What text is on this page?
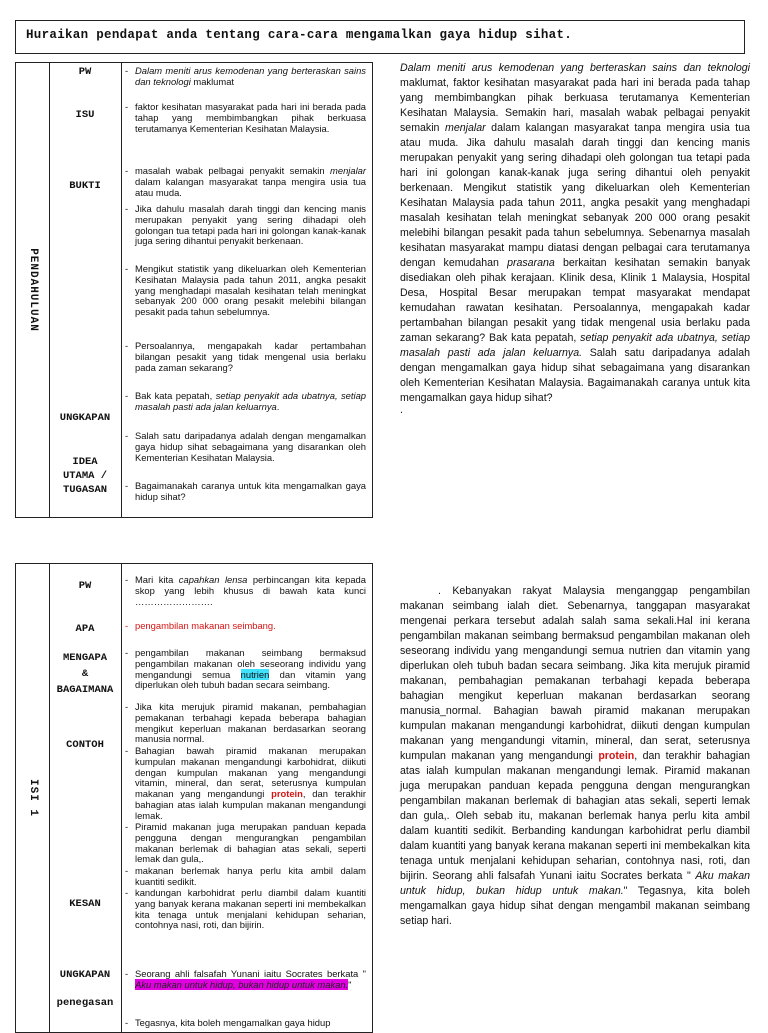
Huraikan pendapat anda tentang cara-cara mengamalkan gaya hidup sihat.
PENDAHULUAN
PW
ISU
BUKTI
UNGKAPAN
IDEA
UTAMA /
TUGASAN
- Dalam meniti arus kemodenan yang berteraskan sains dan teknologi maklumat
- faktor kesihatan masyarakat pada hari ini berada pada tahap yang membimbangkan pihak berkuasa terutamanya Kementerian Kesihatan Malaysia.
- masalah wabak pelbagai penyakit semakin menjalar dalam kalangan masyarakat tanpa mengira usia tua atau muda.
- Jika dahulu masalah darah tinggi dan kencing manis merupakan penyakit yang sering dihadapi oleh golongan tua tetapi pada hari ini golongan kanak-kanak juga sering dihantui penyakit berkenaan.
- Mengikut statistik yang dikeluarkan oleh Kementerian Kesihatan Malaysia pada tahun 2011, angka pesakit yang menghadapi masalah kesihatan telah meningkat sebanyak 200 000 orang pesakit melebihi bilangan pesakit pada tahun sebelumnya.
- Persoalannya, mengapakah kadar pertambahan bilangan pesakit yang tidak mengenal usia berlaku pada zaman sekarang?
- Bak kata pepatah, setiap penyakit ada ubatnya, setiap masalah pasti ada jalan keluarnya.
- Salah satu daripadanya adalah dengan mengamalkan gaya hidup sihat sebagaimana yang disarankan oleh Kementerian Kesihatan Malaysia.
- Bagaimanakah caranya untuk kita mengamalkan gaya hidup sihat?
Dalam meniti arus kemodenan yang berteraskan sains dan teknologi maklumat, faktor kesihatan masyarakat pada hari ini berada pada tahap yang membimbangkan pihak berkuasa terutamanya Kementerian Kesihatan Malaysia. Semakin hari, masalah wabak pelbagai penyakit semakin menjalar dalam kalangan masyarakat tanpa mengira usia tua atau muda. Jika dahulu masalah darah tinggi dan kencing manis merupakan penyakit yang sering dihadapi oleh golongan tua tetapi pada hari ini golongan kanak-kanak juga sering dihantui oleh penyakit berkenaan. Mengikut statistik yang dikeluarkan oleh Kementerian Kesihatan Malaysia pada tahun 2011, angka pesakit yang menghadapi masalah kesihatan telah meningkat sebanyak 200 000 orang pesakit melebihi bilangan pesakit pada tahun sebelumnya. Sebenarnya masalah kesihatan masyarakat mampu diatasi dengan pelbagai cara terutamanya dengan kemudahan prasarana berkaitan kesihatan semakin banyak disediakan oleh pihak kerajaan. Klinik desa, Klinik 1 Malaysia, Hospital Desa, Hospital Besar merupakan tempat masyarakat mendapat kemudahan rawatan kesihatan. Persoalannya, mengapakah kadar pertambahan bilangan pesakit yang tidak mengenal usia berlaku pada zaman sekarang? Bak kata pepatah, setiap penyakit ada ubatnya, setiap masalah pasti ada jalan keluarnya. Salah satu daripadanya adalah dengan mengamalkan gaya hidup sihat sebagaimana yang disarankan oleh Kementerian Kesihatan Malaysia. Bagaimanakah caranya untuk kita mengamalkan gaya hidup sihat?
.
ISI 1
PW
APA
MENGAPA
&
BAGAIMANA
CONTOH
KESAN
UNGKAPAN
penegasan
- Mari kita capahkan lensa perbincangan kita kepada skop yang lebih khusus di bawah kata kunci …………………….
- pengambilan makanan seimbang.
- pengambilan makanan seimbang bermaksud pengambilan makanan oleh seseorang individu yang mengandungi semua nutrien dan vitamin yang diperlukan oleh tubuh badan secara seimbang.
- Jika kita merujuk piramid makanan, pembahagian pemakanan terbahagi kepada beberapa bahagian mengikut keperluan makanan berdasarkan seorang manusia normal.
- Bahagian bawah piramid makanan merupakan kumpulan makanan mengandungi karbohidrat, diikuti dengan kumpulan makanan yang mengandungi vitamin, mineral, dan serat, seterusnya kumpulan makanan yang mengandungi protein, dan terakhir bahagian atas ialah kumpulan makanan mengandungi lemak.
- Piramid makanan juga merupakan panduan kepada pengguna dengan mengurangkan pengambilan makanan berlemak di bahagian atas sekali, seperti lemak dan gula,.
- makanan berlemak hanya perlu kita ambil dalam kuantiti sedikit.
- kandungan karbohidrat perlu diambil dalam kuantiti yang banyak kerana makanan seperti ini membekalkan kita tenaga untuk menjalani kehidupan seharian, contohnya nasi, roti, dan bijirin.
- Seorang ahli falsafah Yunani iaitu Socrates berkata " Aku makan untuk hidup, bukan hidup untuk makan."
- Tegasnya, kita boleh mengamalkan gaya hidup
. Kebanyakan rakyat Malaysia menganggap pengambilan makanan seimbang ialah diet. Sebenarnya, tanggapan masyarakat mengenai perkara tersebut adalah salah sama sekali.Hal ini kerana pengambilan makanan seimbang bermaksud pengambilan makanan oleh seseorang individu yang mengandungi semua nutrien dan vitamin yang diperlukan oleh tubuh badan secara seimbang. Jika kita merujuk piramid makanan, pembahagian pemakanan terbahagi kepada beberapa bahagian mengikut keperluan makanan berdasarkan seorang manusia_normal. Bahagian bawah piramid makanan merupakan kumpulan makanan mengandungi karbohidrat, diikuti dengan kumpulan makanan yang mengandungi vitamin, mineral, dan serat, seterusnya kumpulan makanan yang mengandungi protein, dan terakhir bahagian atas ialah kumpulan makanan mengandungi lemak. Piramid makanan juga merupakan panduan kepada pengguna dengan mengurangkan pengambilan makanan berlemak di bahagian atas sekali, seperti lemak dan gula,. Oleh sebab itu, makanan berlemak hanya perlu kita ambil dalam kuantiti sedikit. Berbanding kandungan karbohidrat perlu diambil dalam kuantiti yang banyak kerana makanan seperti ini membekalkan kita tenaga untuk menjalani kehidupan seharian, contohnya nasi, roti, dan bijirin. Seorang ahli falsafah Yunani iaitu Socrates berkata " Aku makan untuk hidup, bukan hidup untuk makan." Tegasnya, kita boleh mengamalkan gaya hidup sihat dengan mengambil makanan seimbang setiap hari.
